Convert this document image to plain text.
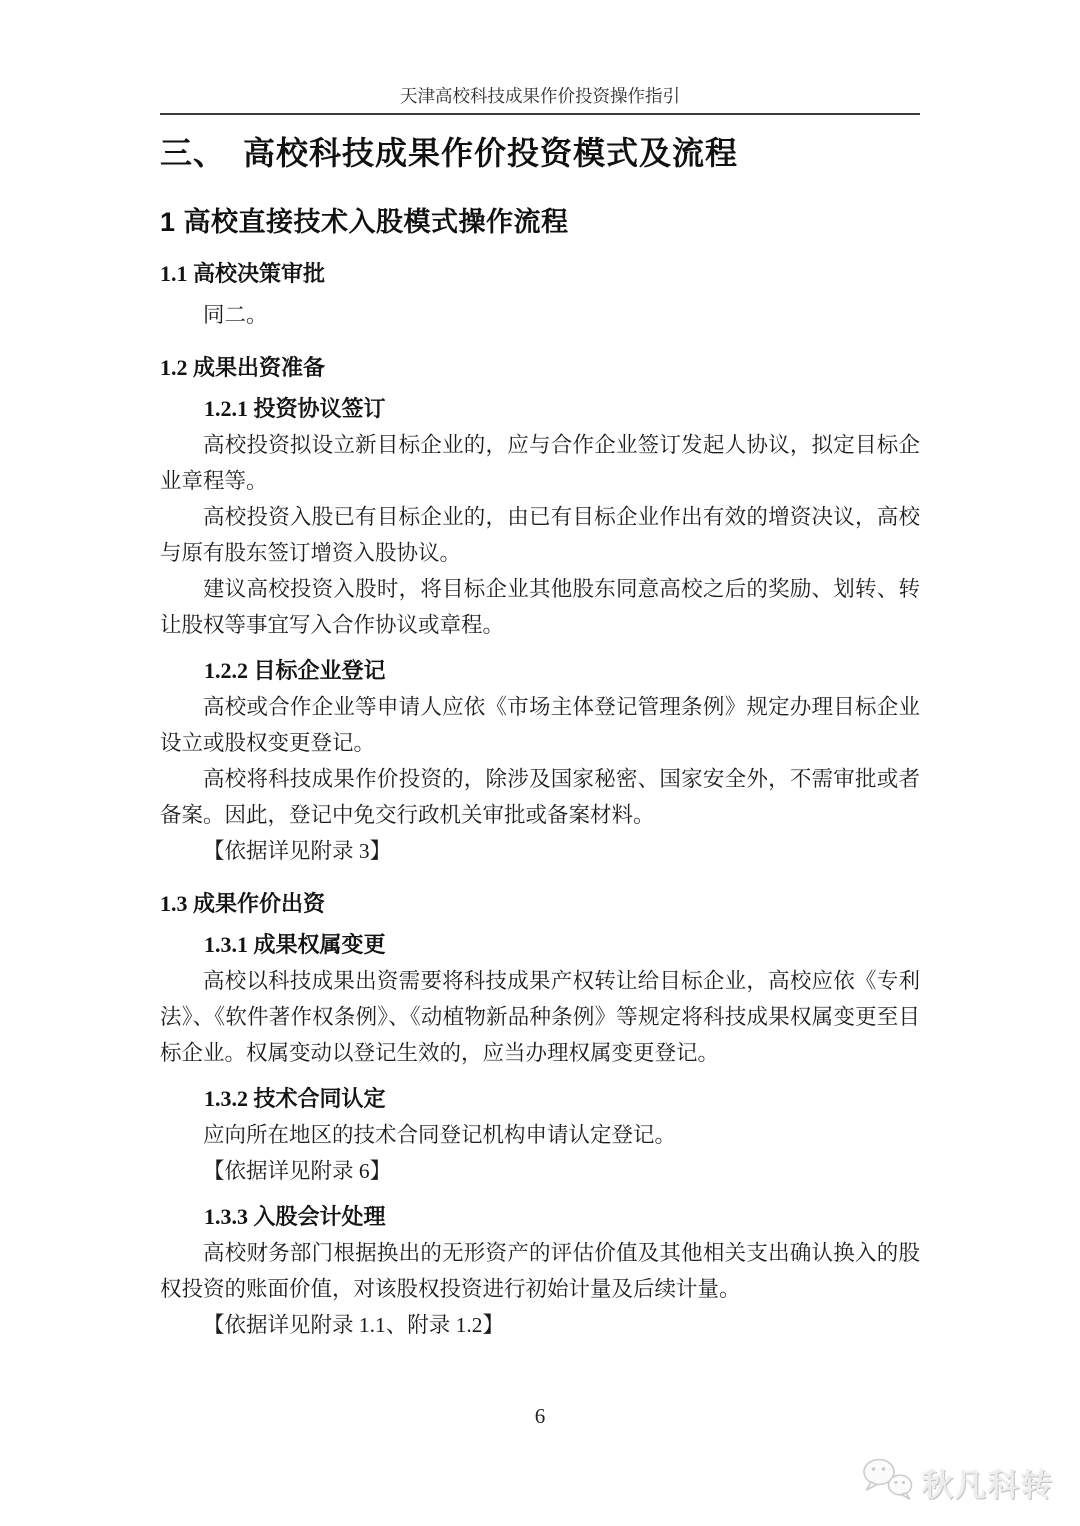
天津高校科技成果作价投资操作指引
三、　高校科技成果作价投资模式及流程
1 高校直接技术入股模式操作流程
1.1 高校决策审批

同二。

1.2 成果出资准备
1.2.1 投资协议签订

高校投资拟设立新目标企业的，应与合作企业签订发起人协议，拟定目标企业章程等。

高校投资入股已有目标企业的，由已有目标企业作出有效的增资决议，高校与原有股东签订增资入股协议。

建议高校投资入股时，将目标企业其他股东同意高校之后的奖励、划转、转让股权等事宜写入合作协议或章程。

1.2.2 目标企业登记

高校或合作企业等申请人应依《市场主体登记管理条例》规定办理目标企业设立或股权变更登记。

高校将科技成果作价投资的，除涉及国家秘密、国家安全外，不需审批或者备案。因此，登记中免交行政机关审批或备案材料。

【依据详见附录 3】

1.3 成果作价出资
1.3.1 成果权属变更

高校以科技成果出资需要将科技成果产权转让给目标企业，高校应依《专利法》、《软件著作权条例》、《动植物新品种条例》等规定将科技成果权属变更至目标企业。权属变动以登记生效的，应当办理权属变更登记。

1.3.2 技术合同认定

应向所在地区的技术合同登记机构申请认定登记。

【依据详见附录 6】

1.3.3 入股会计处理

高校财务部门根据换出的无形资产的评估价值及其他相关支出确认换入的股权投资的账面价值，对该股权投资进行初始计量及后续计量。

【依据详见附录 1.1、附录 1.2】

6
秋凡科转
